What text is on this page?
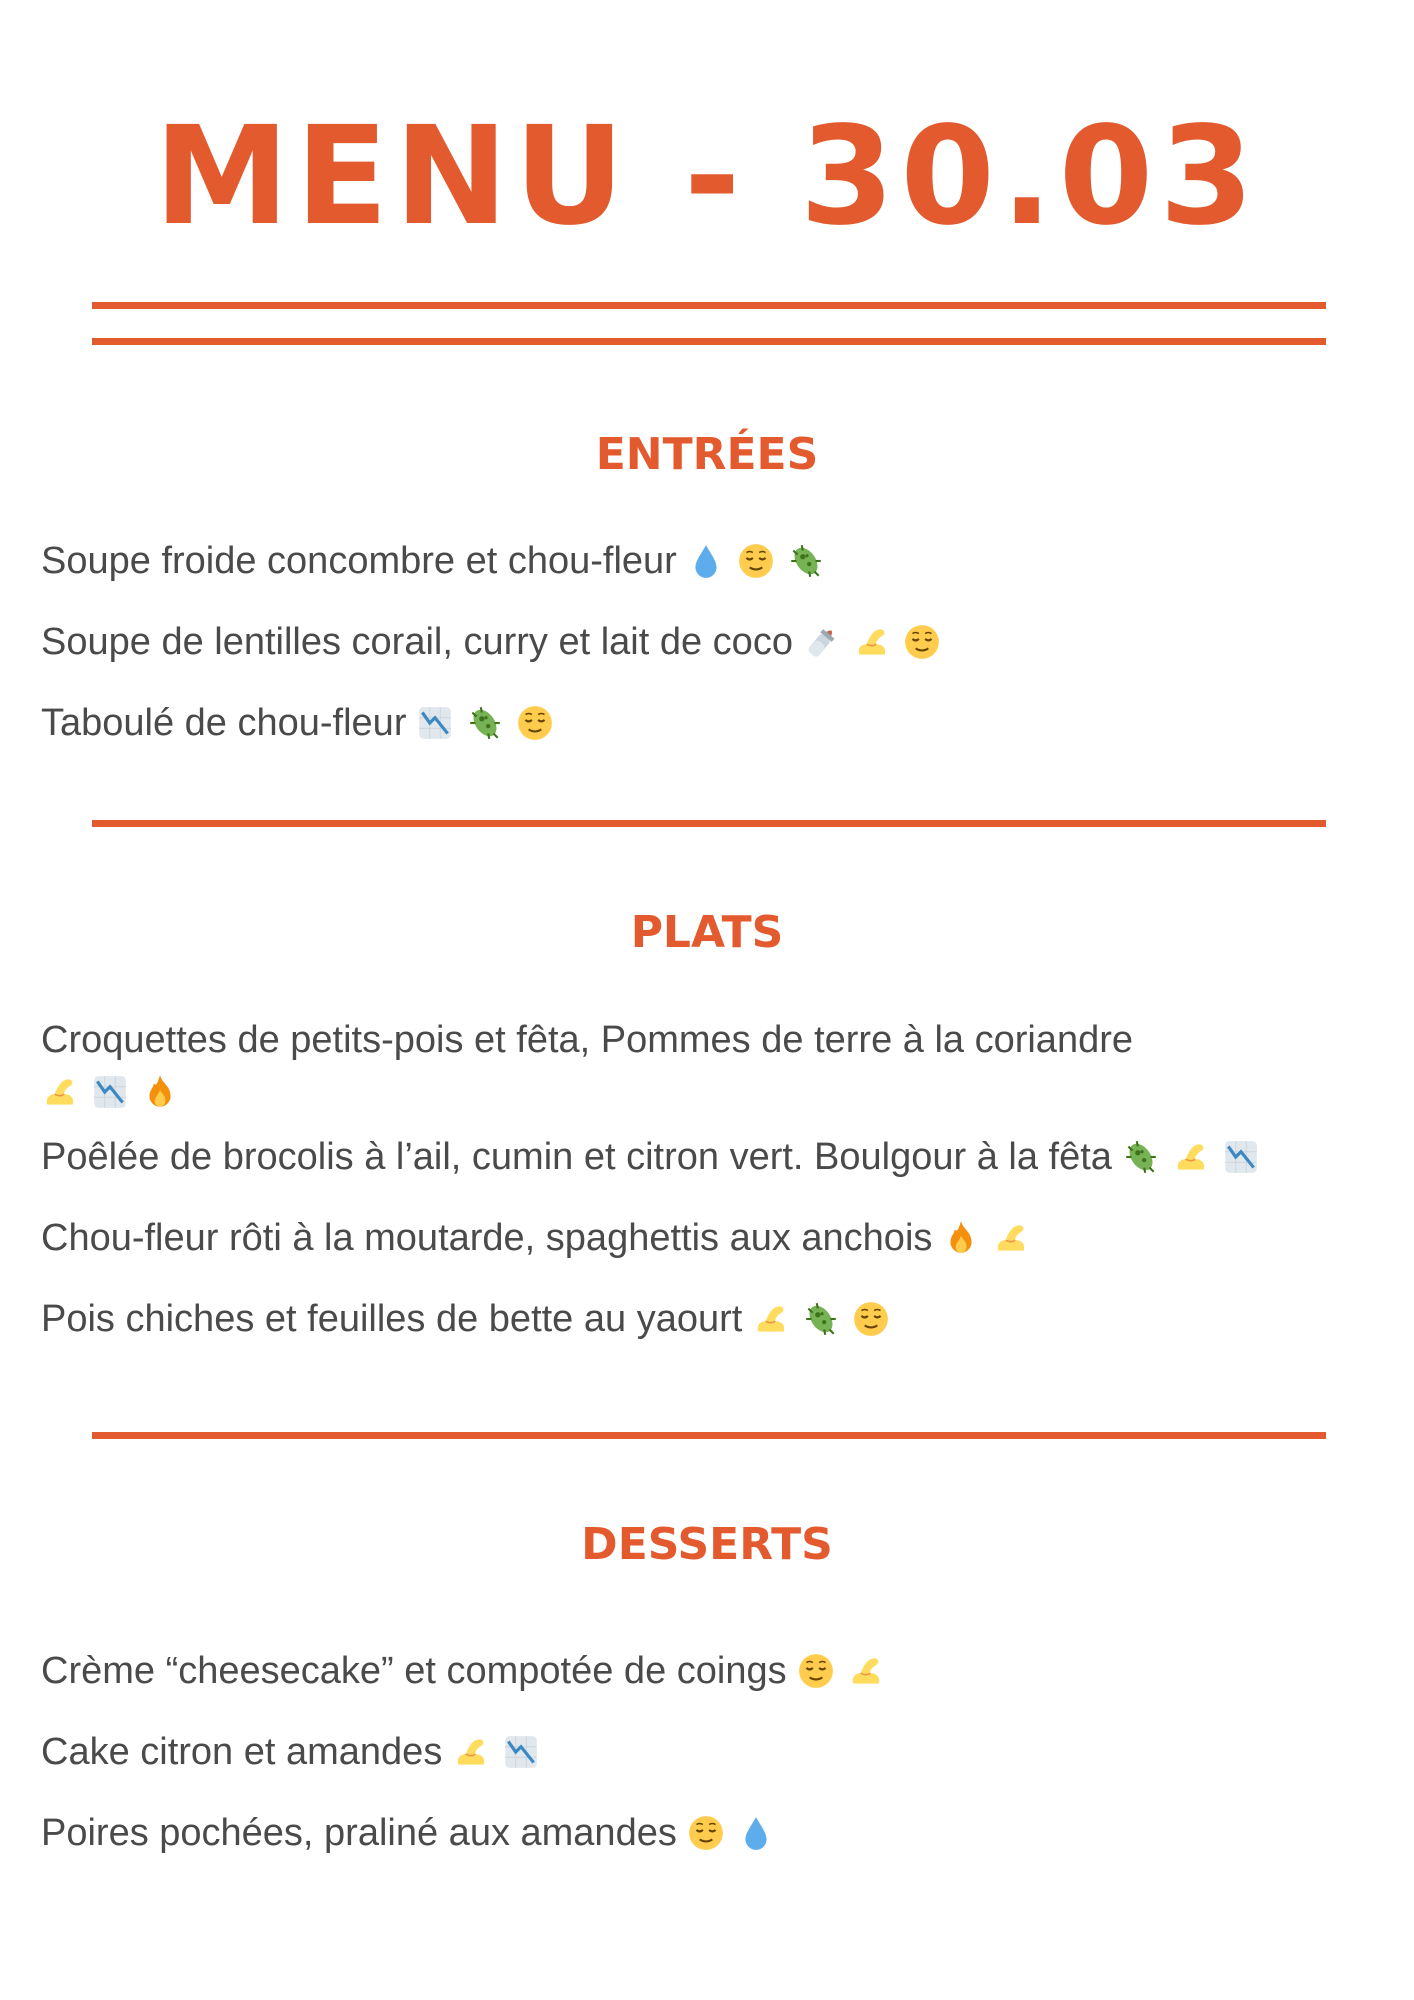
MENU - 30.03
ENTRÉES
Soupe froide concombre et chou-fleur
Soupe de lentilles corail, curry et lait de coco
Taboulé de chou-fleur
PLATS
Croquettes de petits-pois et fêta, Pommes de terre à la coriandre

Poêlée de brocolis à l’ail, cumin et citron vert. Boulgour à la fêta
Chou-fleur rôti à la moutarde, spaghettis aux anchois
Pois chiches et feuilles de bette au yaourt
DESSERTS
Crème “cheesecake” et compotée de coings
Cake citron et amandes
Poires pochées, praliné aux amandes
